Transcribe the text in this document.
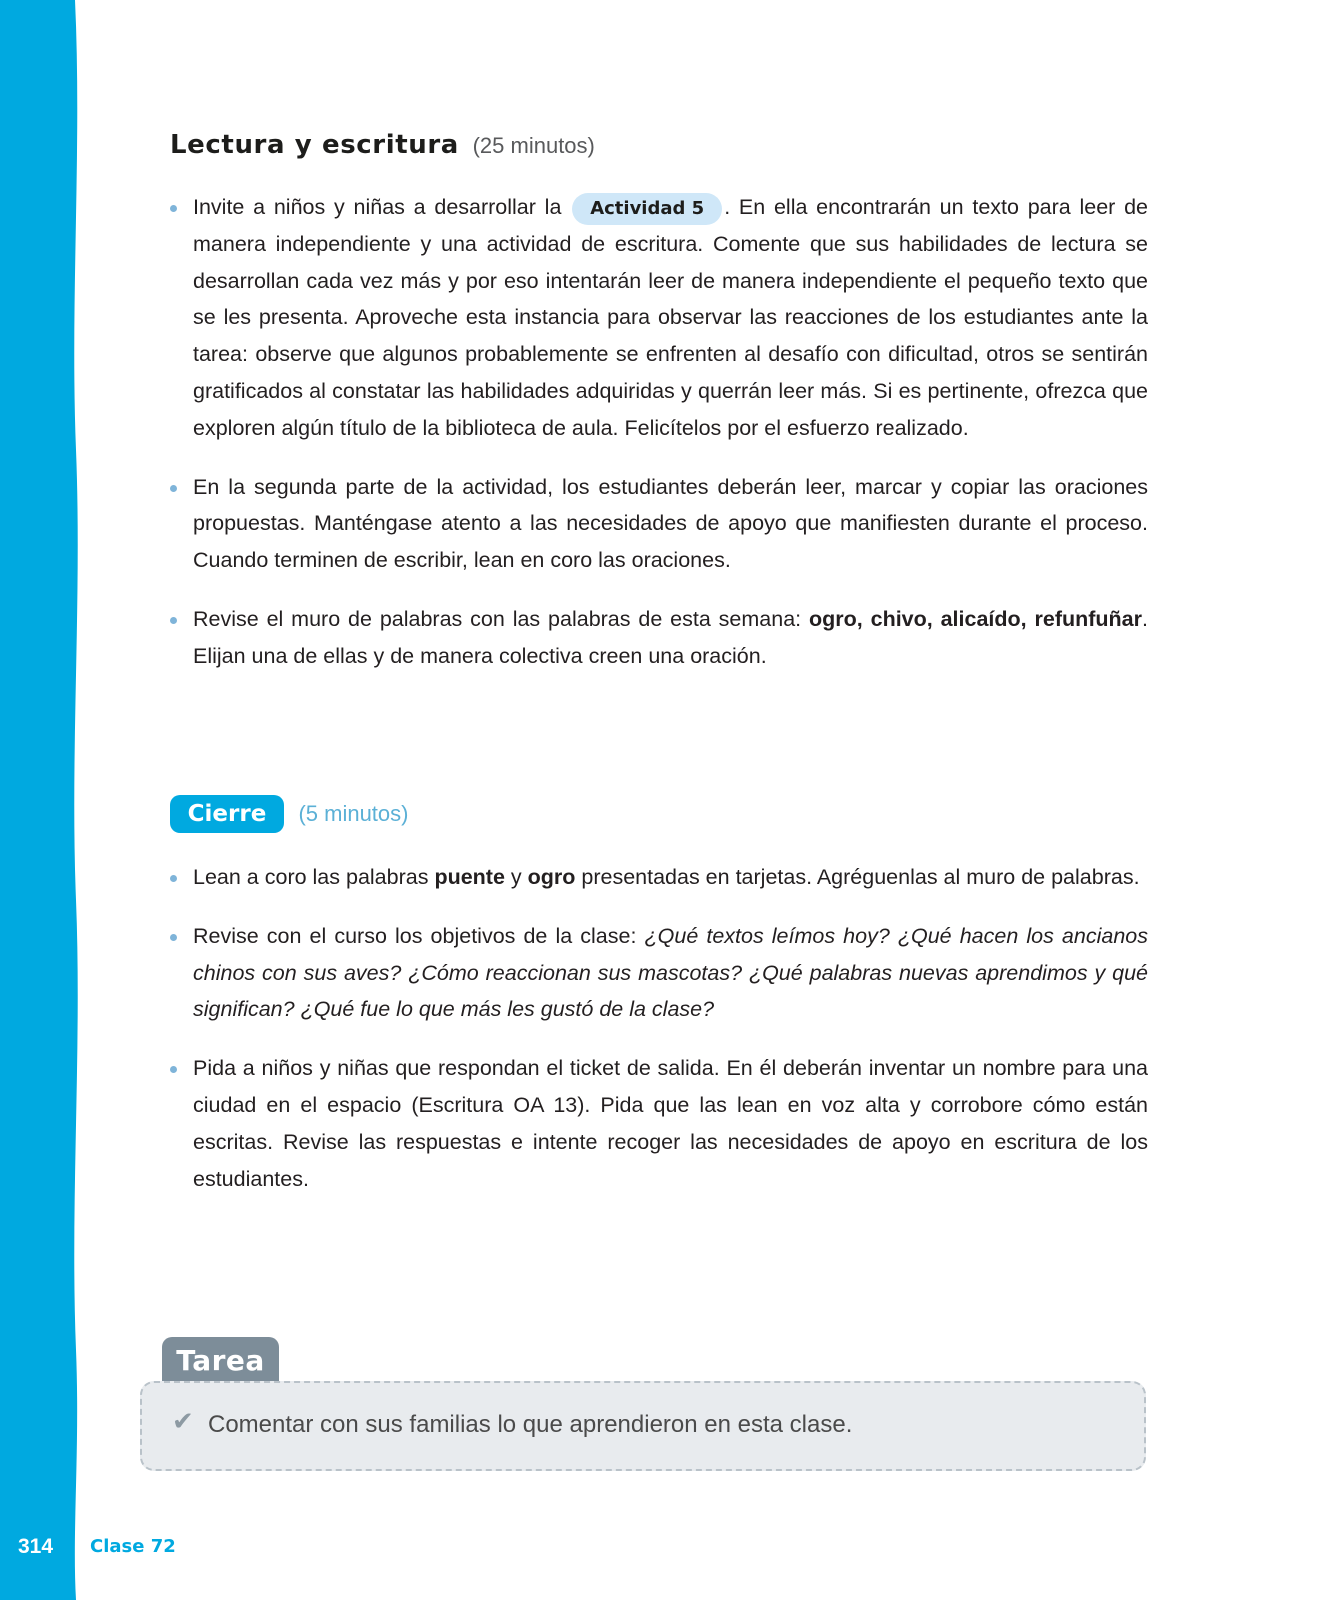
Lectura y escritura (25 minutos)
Invite a niños y niñas a desarrollar la Actividad 5 . En ella encontrarán un texto para leer de manera independiente y una actividad de escritura. Comente que sus habilidades de lectura se desarrollan cada vez más y por eso intentarán leer de manera independiente el pequeño texto que se les presenta. Aproveche esta instancia para observar las reacciones de los estudiantes ante la tarea: observe que algunos probablemente se enfrenten al desafío con dificultad, otros se sentirán gratificados al constatar las habilidades adquiridas y querrán leer más. Si es pertinente, ofrezca que exploren algún título de la biblioteca de aula. Felicítelos por el esfuerzo realizado.
En la segunda parte de la actividad, los estudiantes deberán leer, marcar y copiar las oraciones propuestas. Manténgase atento a las necesidades de apoyo que manifiesten durante el proceso. Cuando terminen de escribir, lean en coro las oraciones.
Revise el muro de palabras con las palabras de esta semana: ogro, chivo, alicaído, refunfuñar. Elijan una de ellas y de manera colectiva creen una oración.
Cierre (5 minutos)
Lean a coro las palabras puente y ogro presentadas en tarjetas. Agréguenlas al muro de palabras.
Revise con el curso los objetivos de la clase: ¿Qué textos leímos hoy? ¿Qué hacen los ancianos chinos con sus aves? ¿Cómo reaccionan sus mascotas? ¿Qué palabras nuevas aprendimos y qué significan? ¿Qué fue lo que más les gustó de la clase?
Pida a niños y niñas que respondan el ticket de salida. En él deberán inventar un nombre para una ciudad en el espacio (Escritura OA 13). Pida que las lean en voz alta y corrobore cómo están escritas. Revise las respuestas e intente recoger las necesidades de apoyo en escritura de los estudiantes.
Tarea
✔ Comentar con sus familias lo que aprendieron en esta clase.
314 Clase 72
